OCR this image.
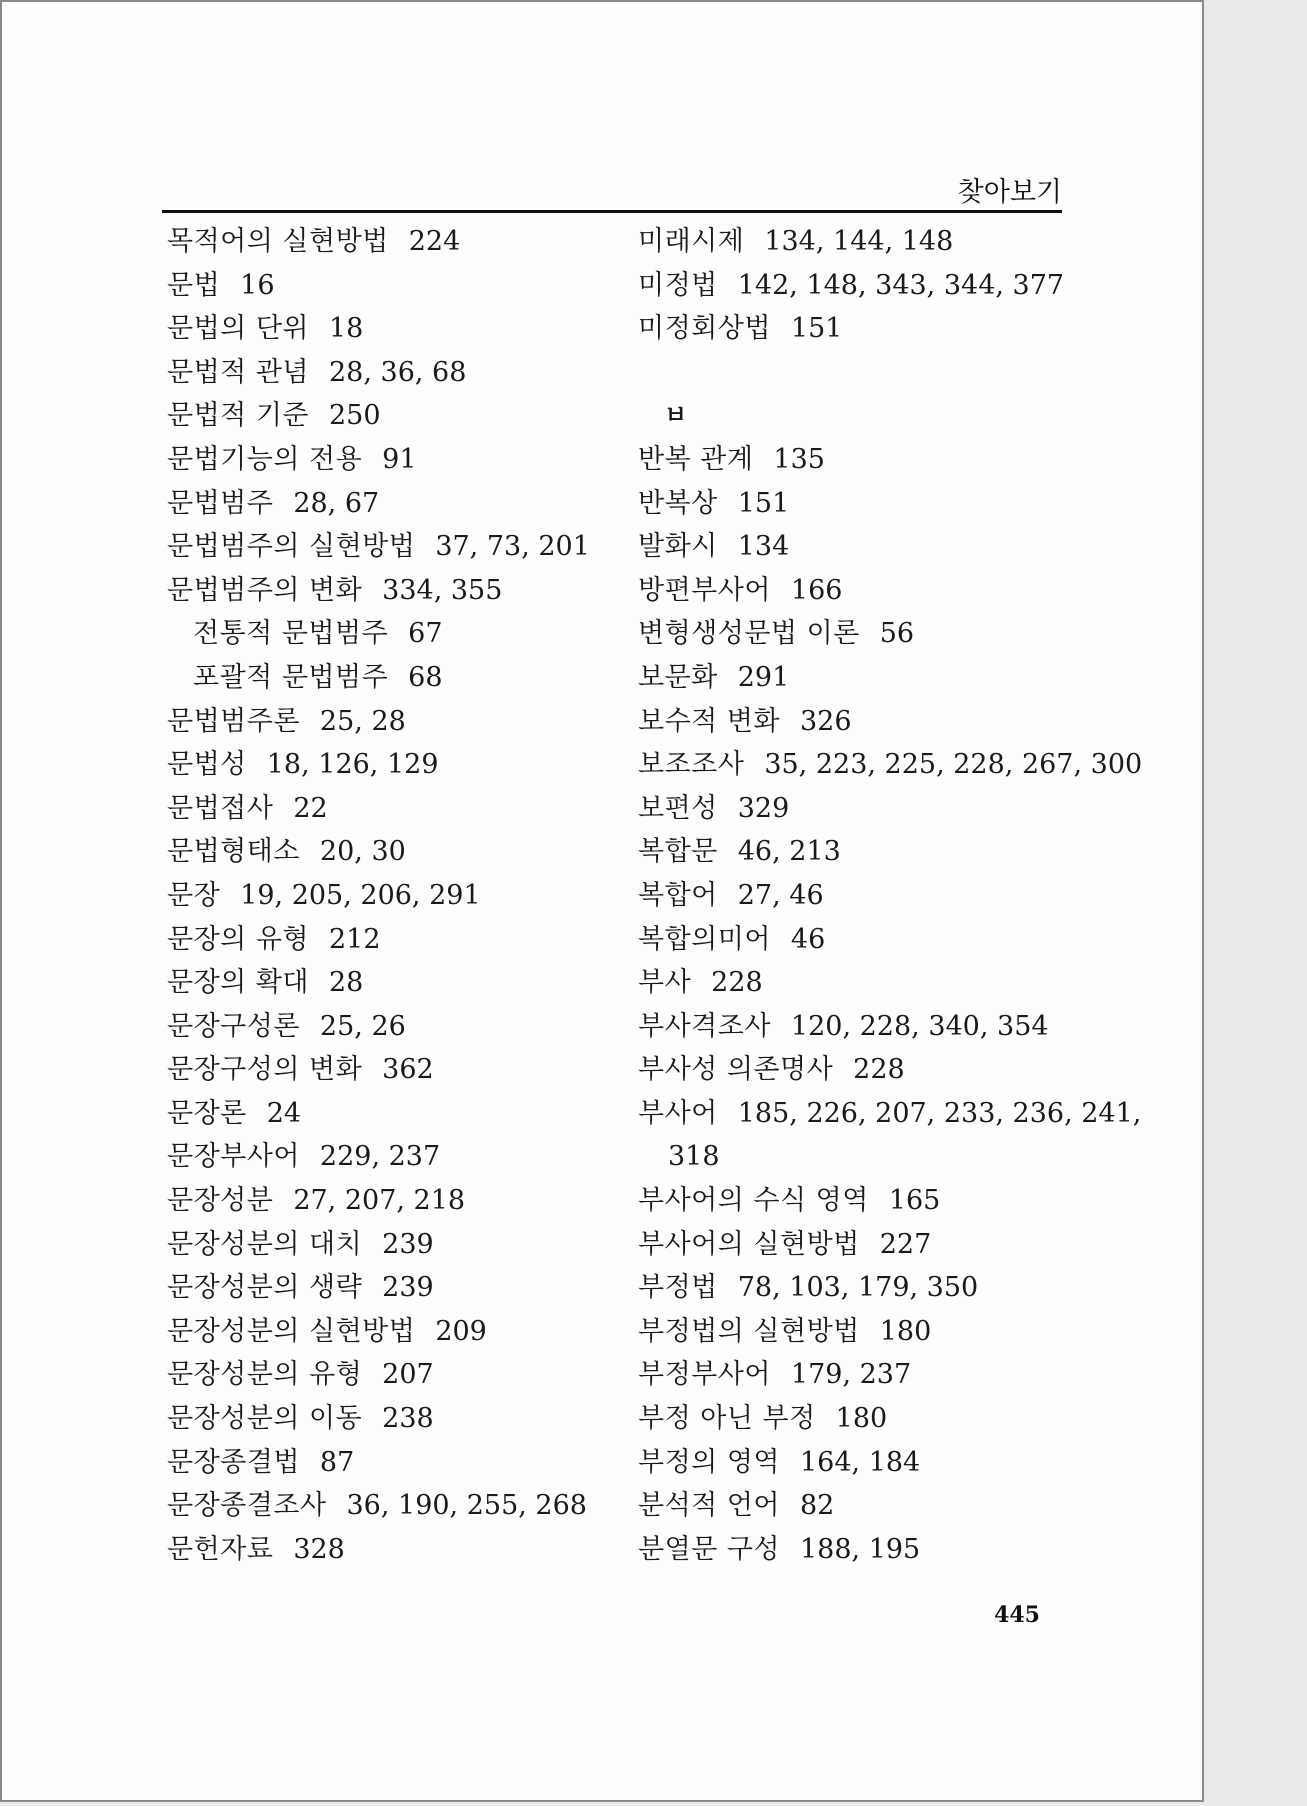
찾아보기
목적어의 실현방법 224
문법 16
문법의 단위 18
문법적 관념 28, 36, 68
문법적 기준 250
문법기능의 전용 91
문법범주 28, 67
문법범주의 실현방법 37, 73, 201
문법범주의 변화 334, 355
전통적 문법범주 67
포괄적 문법범주 68
문법범주론 25, 28
문법성 18, 126, 129
문법접사 22
문법형태소 20, 30
문장 19, 205, 206, 291
문장의 유형 212
문장의 확대 28
문장구성론 25, 26
문장구성의 변화 362
문장론 24
문장부사어 229, 237
문장성분 27, 207, 218
문장성분의 대치 239
문장성분의 생략 239
문장성분의 실현방법 209
문장성분의 유형 207
문장성분의 이동 238
문장종결법 87
문장종결조사 36, 190, 255, 268
문헌자료 328
미래시제 134, 144, 148
미정법 142, 148, 343, 344, 377
미정회상법 151
ㅂ
반복 관계 135
반복상 151
발화시 134
방편부사어 166
변형생성문법 이론 56
보문화 291
보수적 변화 326
보조조사 35, 223, 225, 228, 267, 300
보편성 329
복합문 46, 213
복합어 27, 46
복합의미어 46
부사 228
부사격조사 120, 228, 340, 354
부사성 의존명사 228
부사어 185, 226, 207, 233, 236, 241,
318
부사어의 수식 영역 165
부사어의 실현방법 227
부정법 78, 103, 179, 350
부정법의 실현방법 180
부정부사어 179, 237
부정 아닌 부정 180
부정의 영역 164, 184
분석적 언어 82
분열문 구성 188, 195
445
